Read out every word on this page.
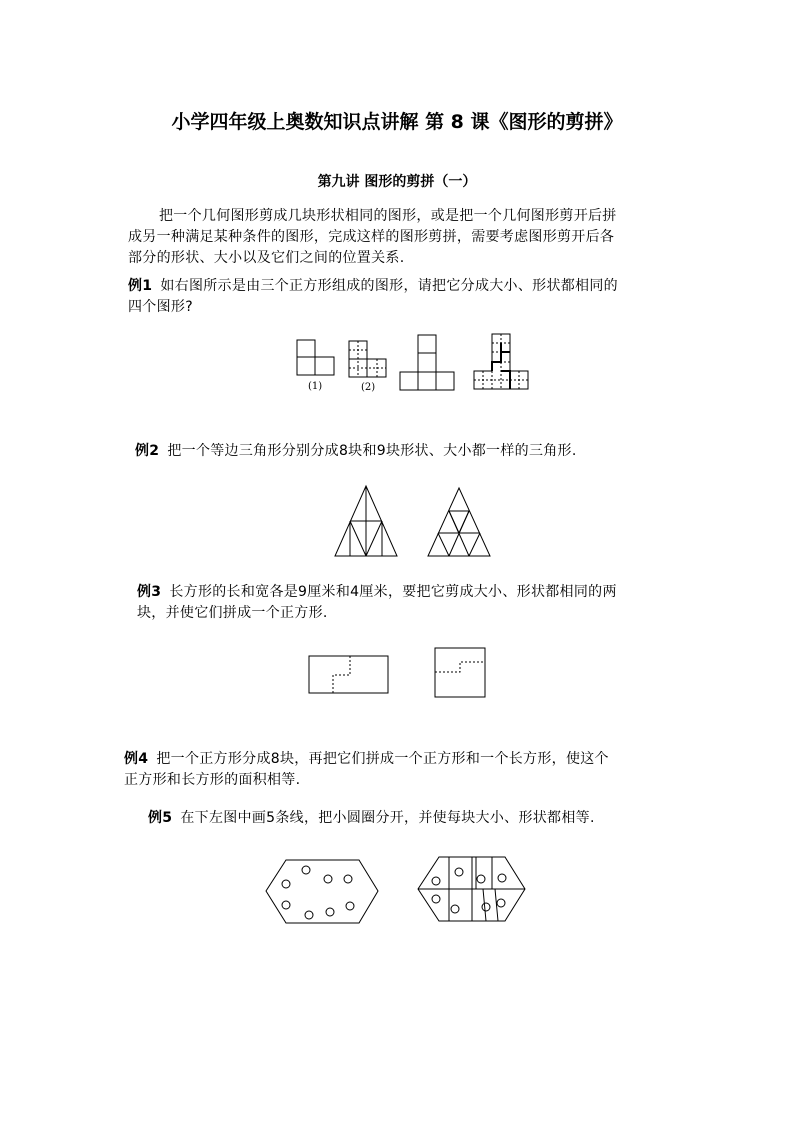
小学四年级上奥数知识点讲解 第 8 课《图形的剪拼》
第九讲 图形的剪拼（一）
把一个几何图形剪成几块形状相同的图形，或是把一个几何图形剪开后拼
成另一种满足某种条件的图形，完成这样的图形剪拼，需要考虑图形剪开后各
部分的形状、大小以及它们之间的位置关系.
例1 如右图所示是由三个正方形组成的图形，请把它分成大小、形状都相同的
四个图形?
(1)	(2)
例2 把一个等边三角形分别分成8块和9块形状、大小都一样的三角形.
例3 长方形的长和宽各是9厘米和4厘米，要把它剪成大小、形状都相同的两
块，并使它们拼成一个正方形.
例4 把一个正方形分成8块，再把它们拼成一个正方形和一个长方形，使这个
正方形和长方形的面积相等.
例5 在下左图中画5条线，把小圆圈分开，并使每块大小、形状都相等.
